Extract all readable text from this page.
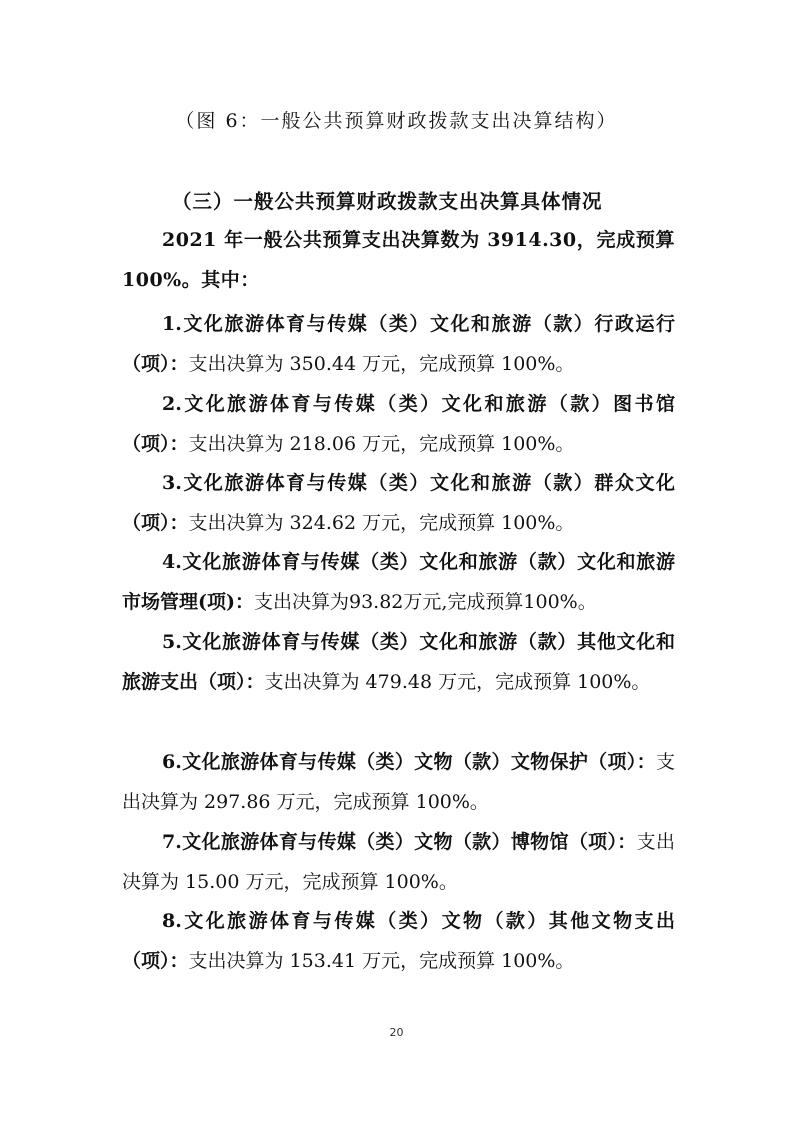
（图 6：一般公共预算财政拨款支出决算结构）
（三）一般公共预算财政拨款支出决算具体情况
2021 年一般公共预算支出决算数为 3914.30，完成预算 100%。其中：
1.文化旅游体育与传媒（类）文化和旅游（款）行政运行（项）：支出决算为 350.44 万元，完成预算 100%。
2.文化旅游体育与传媒（类）文化和旅游（款）图书馆（项）：支出决算为 218.06 万元，完成预算 100%。
3.文化旅游体育与传媒（类）文化和旅游（款）群众文化（项）：支出决算为 324.62 万元，完成预算 100%。
4.文化旅游体育与传媒（类）文化和旅游（款）文化和旅游市场管理(项)：支出决算为93.82万元,完成预算100%。
5.文化旅游体育与传媒（类）文化和旅游（款）其他文化和旅游支出（项）：支出决算为 479.48 万元，完成预算 100%。
6.文化旅游体育与传媒（类）文物（款）文物保护（项）：支出决算为 297.86 万元，完成预算 100%。
7.文化旅游体育与传媒（类）文物（款）博物馆（项）：支出决算为 15.00 万元，完成预算 100%。
8.文化旅游体育与传媒（类）文物（款）其他文物支出（项）：支出决算为 153.41 万元，完成预算 100%。
20
